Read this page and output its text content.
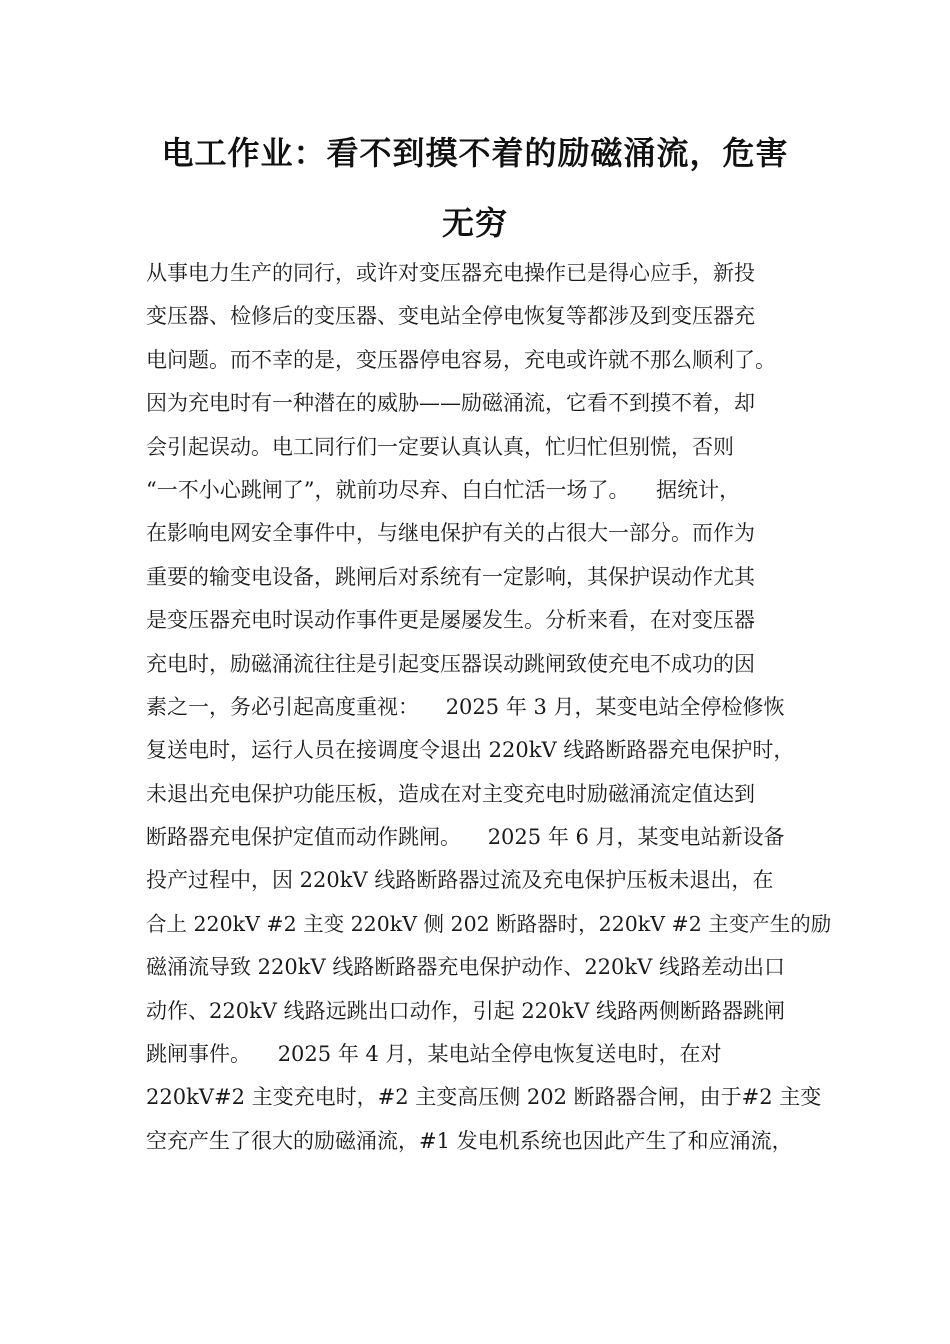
电工作业：看不到摸不着的励磁涌流，危害
无穷
从事电力生产的同行，或许对变压器充电操作已是得心应手，新投
变压器、检修后的变压器、变电站全停电恢复等都涉及到变压器充
电问题。而不幸的是，变压器停电容易，充电或许就不那么顺利了。
因为充电时有一种潜在的威胁——励磁涌流，它看不到摸不着，却
会引起误动。电工同行们一定要认真认真，忙归忙但别慌，否则
“一不小心跳闸了”，就前功尽弃、白白忙活一场了。    据统计，
在影响电网安全事件中，与继电保护有关的占很大一部分。而作为
重要的输变电设备，跳闸后对系统有一定影响，其保护误动作尤其
是变压器充电时误动作事件更是屡屡发生。分析来看，在对变压器
充电时，励磁涌流往往是引起变压器误动跳闸致使充电不成功的因
素之一，务必引起高度重视：    2025 年 3 月，某变电站全停检修恢
复送电时，运行人员在接调度令退出 220kV 线路断路器充电保护时，
未退出充电保护功能压板，造成在对主变充电时励磁涌流定值达到
断路器充电保护定值而动作跳闸。    2025 年 6 月，某变电站新设备
投产过程中，因 220kV 线路断路器过流及充电保护压板未退出，在
合上 220kV #2 主变 220kV 侧 202 断路器时，220kV #2 主变产生的励
磁涌流导致 220kV 线路断路器充电保护动作、220kV 线路差动出口
动作、220kV 线路远跳出口动作，引起 220kV 线路两侧断路器跳闸
跳闸事件。    2025 年 4 月，某电站全停电恢复送电时，在对
220kV#2 主变充电时，#2 主变高压侧 202 断路器合闸，由于#2 主变
空充产生了很大的励磁涌流，#1 发电机系统也因此产生了和应涌流，
